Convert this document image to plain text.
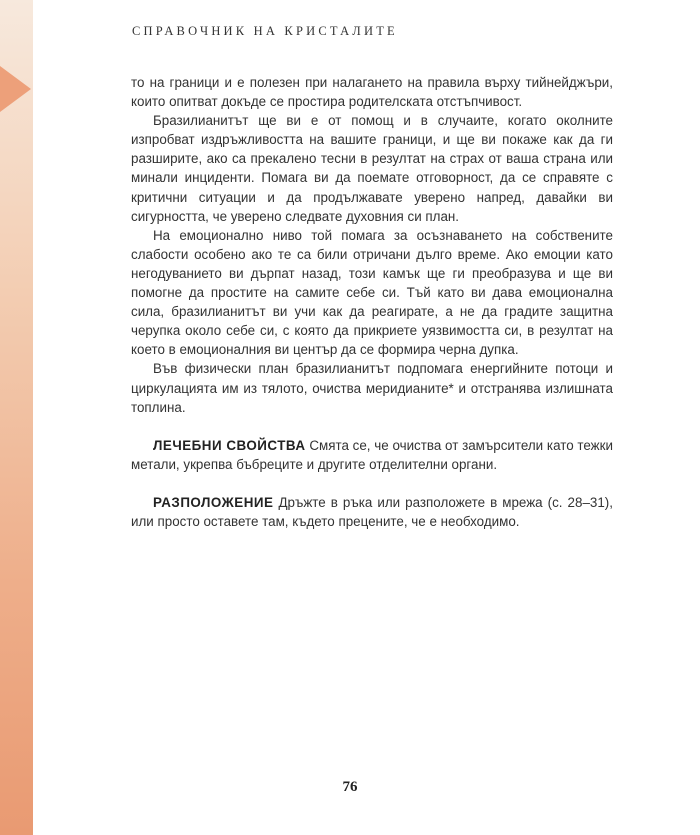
СПРАВОЧНИК НА КРИСТАЛИТЕ

то на граници и е полезен при налагането на правила върху тийнейджъри, които опитват докъде се простира родителската отстъпчивост.

Бразилианитът ще ви е от помощ и в случаите, когато околните изпробват издръжливостта на вашите граници, и ще ви покаже как да ги разширите, ако са прекалено тесни в резултат на страх от ваша страна или минали инциденти. Помага ви да поемате отговорност, да се справяте с критични ситуации и да продължавате уверено напред, давайки ви сигурността, че уверено следвате духовния си план.

На емоционално ниво той помага за осъзнаването на собствените слабости особено ако те са били отричани дълго време. Ако емоции като негодуванието ви дърпат назад, този камък ще ги преобразува и ще ви помогне да простите на самите себе си. Тъй като ви дава емоционална сила, бразилианитът ви учи как да реагирате, а не да градите защитна черупка около себе си, с която да прикриете уязвимостта си, в резултат на което в емоционалния ви център да се формира черна дупка.

Във физически план бразилианитът подпомага енергийните потоци и циркулацията им из тялото, очиства меридианите* и отстранява излишната топлина.

ЛЕЧЕБНИ СВОЙСТВА Смята се, че очиства от замърсители като тежки метали, укрепва бъбреците и другите отделителни органи.

РАЗПОЛОЖЕНИЕ Дръжте в ръка или разположете в мрежа (с. 28–31), или просто оставете там, където прецените, че е необходимо.

76
